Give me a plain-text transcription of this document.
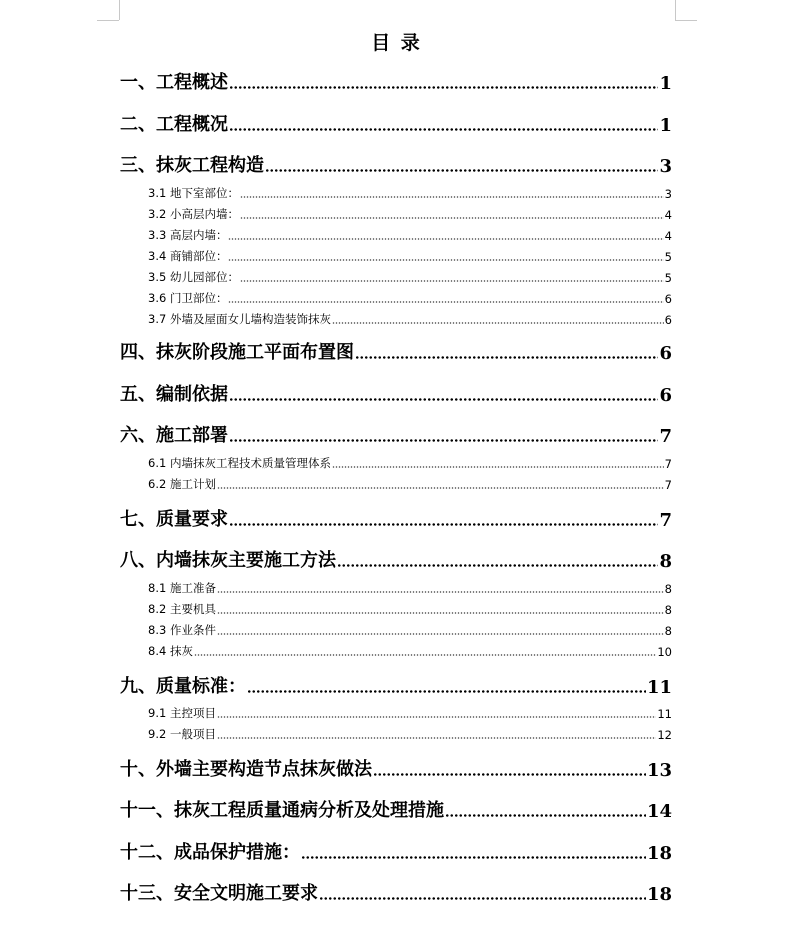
目 录
一、工程概述	1
二、工程概况	1
三、抹灰工程构造	3
3.1 地下室部位：	3
3.2 小高层内墙：	4
3.3 高层内墙：	4
3.4 商铺部位：	5
3.5 幼儿园部位：	5
3.6 门卫部位：	6
3.7 外墙及屋面女儿墙构造装饰抹灰	6
四、抹灰阶段施工平面布置图	6
五、编制依据	6
六、施工部署	7
6.1 内墙抹灰工程技术质量管理体系	7
6.2 施工计划	7
七、质量要求	7
八、内墙抹灰主要施工方法	8
8.1 施工准备	8
8.2 主要机具	8
8.3 作业条件	8
8.4 抹灰	10
九、质量标准：	11
9.1 主控项目	11
9.2 一般项目	12
十、外墙主要构造节点抹灰做法	13
十一、抹灰工程质量通病分析及处理措施	14
十二、成品保护措施：	18
十三、安全文明施工要求	18
